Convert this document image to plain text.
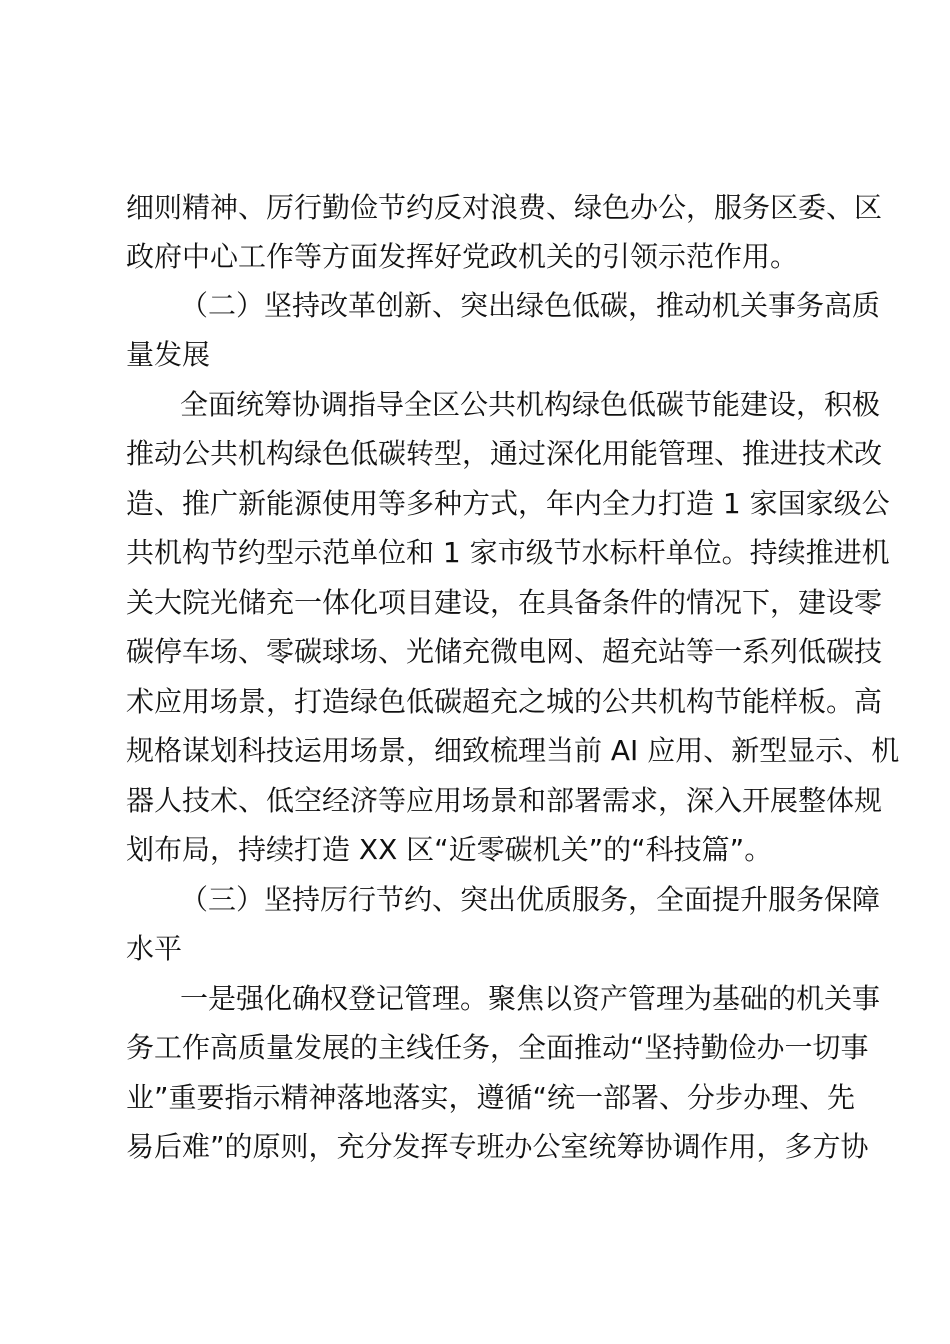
细则精神、厉行勤俭节约反对浪费、绿色办公，服务区委、区
政府中心工作等方面发挥好党政机关的引领示范作用。
（二）坚持改革创新、突出绿色低碳，推动机关事务高质
量发展
全面统筹协调指导全区公共机构绿色低碳节能建设，积极
推动公共机构绿色低碳转型，通过深化用能管理、推进技术改
造、推广新能源使用等多种方式，年内全力打造 1 家国家级公
共机构节约型示范单位和 1 家市级节水标杆单位。持续推进机
关大院光储充一体化项目建设，在具备条件的情况下，建设零
碳停车场、零碳球场、光储充微电网、超充站等一系列低碳技
术应用场景，打造绿色低碳超充之城的公共机构节能样板。高
规格谋划科技运用场景，细致梳理当前 AI 应用、新型显示、机
器人技术、低空经济等应用场景和部署需求，深入开展整体规
划布局，持续打造 XX 区“近零碳机关”的“科技篇”。
（三）坚持厉行节约、突出优质服务，全面提升服务保障
水平
一是强化确权登记管理。聚焦以资产管理为基础的机关事
务工作高质量发展的主线任务，全面推动“坚持勤俭办一切事
业”重要指示精神落地落实，遵循“统一部署、分步办理、先
易后难”的原则，充分发挥专班办公室统筹协调作用，多方协
